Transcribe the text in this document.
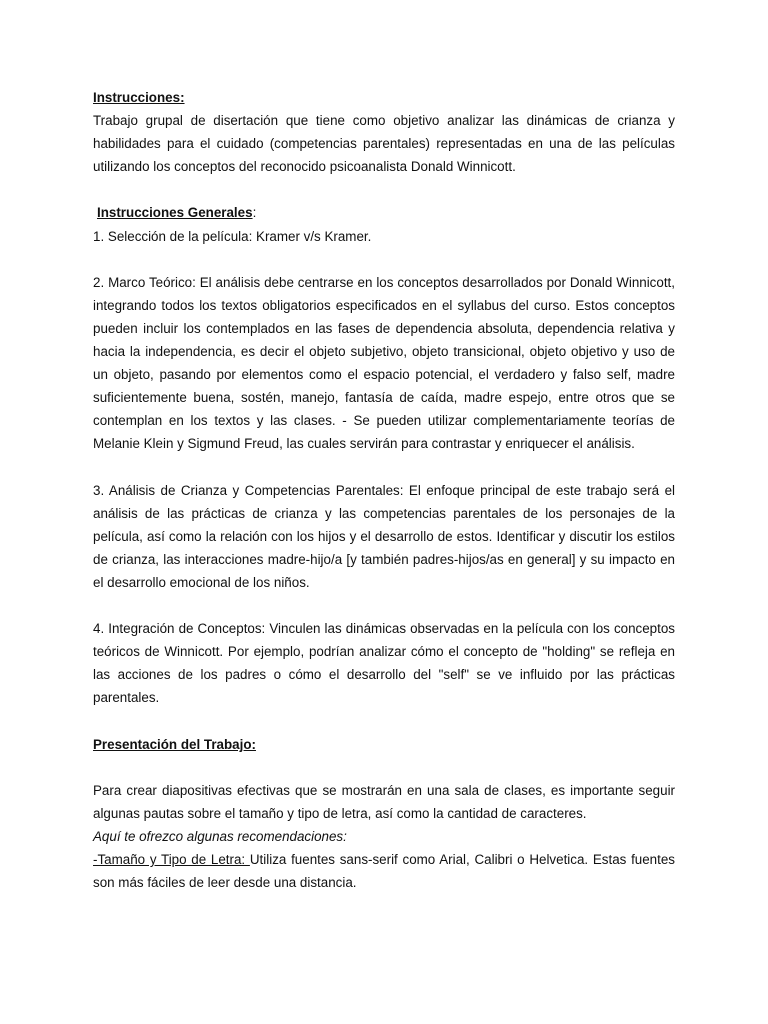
Instrucciones:

Trabajo grupal de disertación que tiene como objetivo analizar las dinámicas de crianza y habilidades para el cuidado (competencias parentales) representadas en una de las películas utilizando los conceptos del reconocido psicoanalista Donald Winnicott.

Instrucciones Generales:

1. Selección de la película: Kramer v/s Kramer.

2. Marco Teórico: El análisis debe centrarse en los conceptos desarrollados por Donald Winnicott, integrando todos los textos obligatorios especificados en el syllabus del curso. Estos conceptos pueden incluir los contemplados en las fases de dependencia absoluta, dependencia relativa y hacia la independencia, es decir el objeto subjetivo, objeto transicional, objeto objetivo y uso de un objeto, pasando por elementos como el espacio potencial, el verdadero y falso self, madre suficientemente buena, sostén, manejo, fantasía de caída, madre espejo, entre otros que se contemplan en los textos y las clases. - Se pueden utilizar complementariamente teorías de Melanie Klein y Sigmund Freud, las cuales servirán para contrastar y enriquecer el análisis.

3. Análisis de Crianza y Competencias Parentales: El enfoque principal de este trabajo será el análisis de las prácticas de crianza y las competencias parentales de los personajes de la película, así como la relación con los hijos y el desarrollo de estos. Identificar y discutir los estilos de crianza, las interacciones madre-hijo/a [y también padres-hijos/as en general] y su impacto en el desarrollo emocional de los niños.

4. Integración de Conceptos: Vinculen las dinámicas observadas en la película con los conceptos teóricos de Winnicott. Por ejemplo, podrían analizar cómo el concepto de "holding" se refleja en las acciones de los padres o cómo el desarrollo del "self" se ve influido por las prácticas parentales.

Presentación del Trabajo:

Para crear diapositivas efectivas que se mostrarán en una sala de clases, es importante seguir algunas pautas sobre el tamaño y tipo de letra, así como la cantidad de caracteres.

Aquí te ofrezco algunas recomendaciones:

-Tamaño y Tipo de Letra: Utiliza fuentes sans-serif como Arial, Calibri o Helvetica. Estas fuentes son más fáciles de leer desde una distancia.
